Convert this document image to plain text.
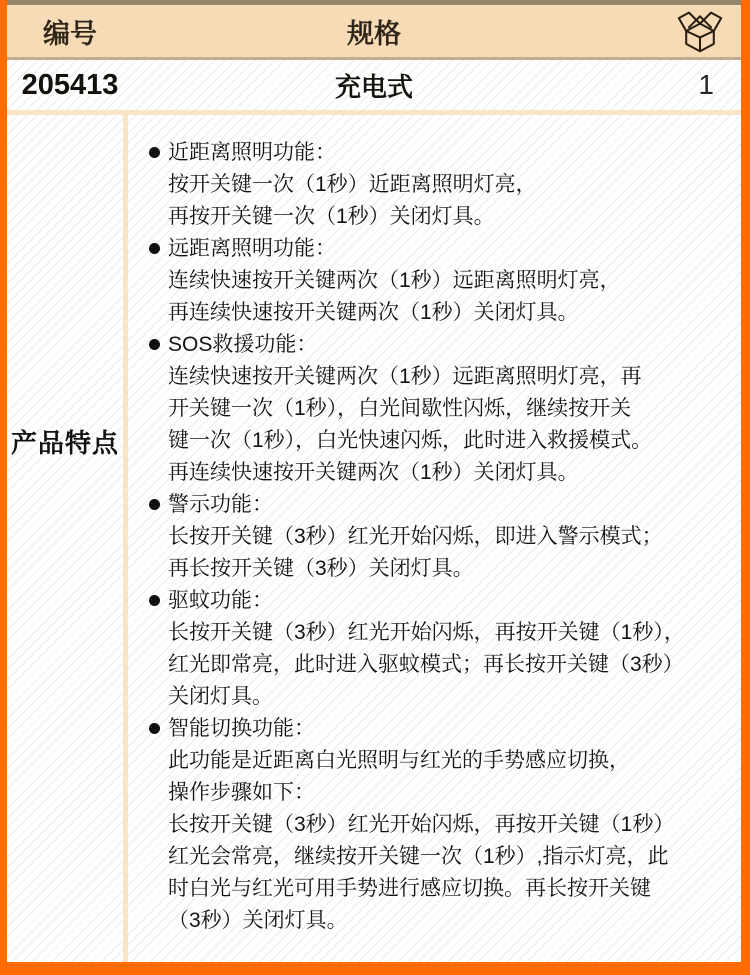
编号	规格
205413	充电式	1
产品特点
近距离照明功能：
按开关键一次（1秒）近距离照明灯亮，
再按开关键一次（1秒）关闭灯具。
远距离照明功能：
连续快速按开关键两次（1秒）远距离照明灯亮，
再连续快速按开关键两次（1秒）关闭灯具。
SOS救援功能：
连续快速按开关键两次（1秒）远距离照明灯亮，再
开关键一次（1秒），白光间歇性闪烁，继续按开关
键一次（1秒），白光快速闪烁，此时进入救援模式。
再连续快速按开关键两次（1秒）关闭灯具。
警示功能：
长按开关键（3秒）红光开始闪烁，即进入警示模式；
再长按开关键（3秒）关闭灯具。
驱蚊功能：
长按开关键（3秒）红光开始闪烁，再按开关键（1秒），
红光即常亮，此时进入驱蚊模式；再长按开关键（3秒）
关闭灯具。
智能切换功能：
此功能是近距离白光照明与红光的手势感应切换，
操作步骤如下：
长按开关键（3秒）红光开始闪烁，再按开关键（1秒）
红光会常亮，继续按开关键一次（1秒）,指示灯亮，此
时白光与红光可用手势进行感应切换。再长按开关键
（3秒）关闭灯具。
